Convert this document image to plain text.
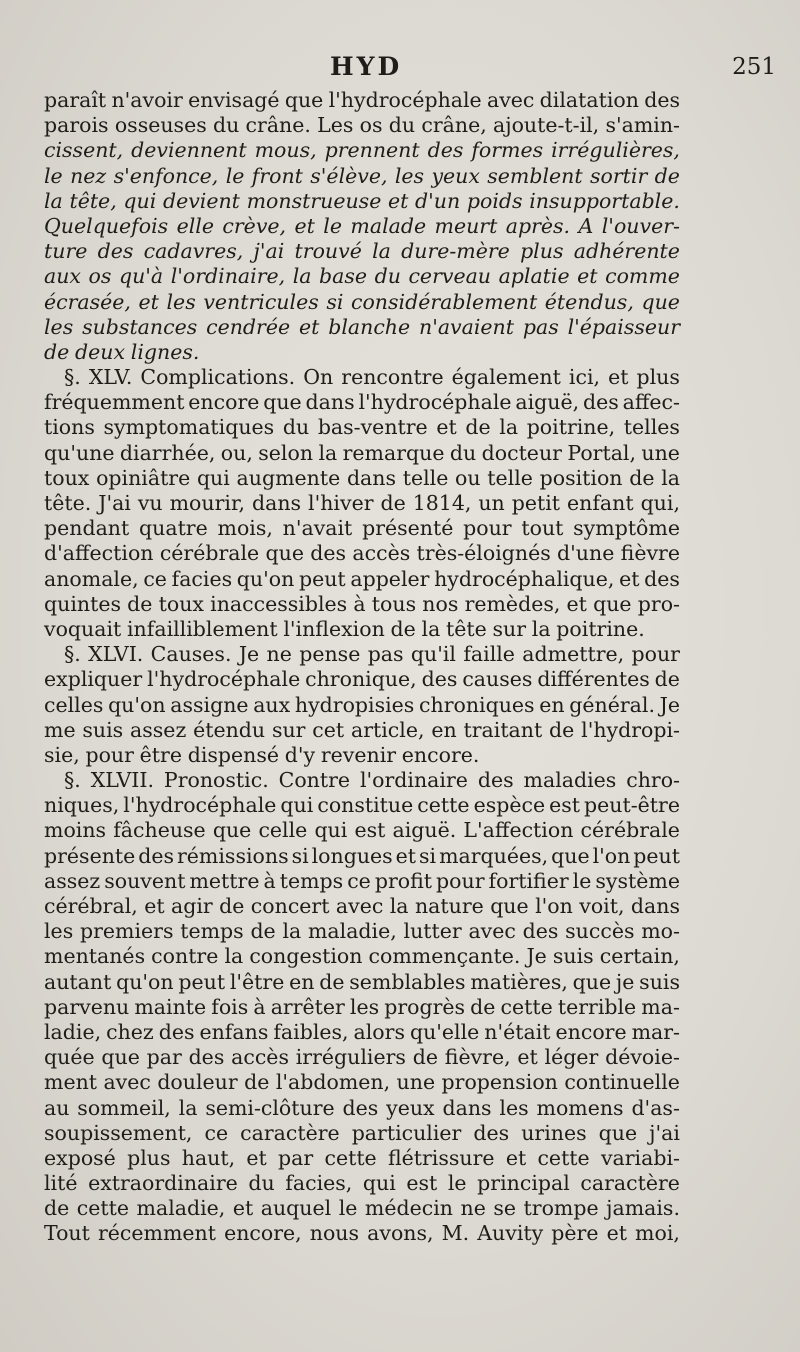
HYD	251
paraît n'avoir envisagé que l'hydrocéphale avec dilatation des
parois osseuses du crâne. Les os du crâne, ajoute-t-il, s'amin-
cissent, deviennent mous, prennent des formes irrégulières,
le nez s'enfonce, le front s'élève, les yeux semblent sortir de
la tête, qui devient monstrueuse et d'un poids insupportable.
Quelquefois elle crève, et le malade meurt après. A l'ouver-
ture des cadavres, j'ai trouvé la dure-mère plus adhérente
aux os qu'à l'ordinaire, la base du cerveau aplatie et comme
écrasée, et les ventricules si considérablement étendus, que
les substances cendrée et blanche n'avaient pas l'épaisseur
de deux lignes.
§. XLV. Complications. On rencontre également ici, et plus
fréquemment encore que dans l'hydrocéphale aiguë, des affec-
tions symptomatiques du bas-ventre et de la poitrine, telles
qu'une diarrhée, ou, selon la remarque du docteur Portal, une
toux opiniâtre qui augmente dans telle ou telle position de la
tête. J'ai vu mourir, dans l'hiver de 1814, un petit enfant qui,
pendant quatre mois, n'avait présenté pour tout symptôme
d'affection cérébrale que des accès très-éloignés d'une fièvre
anomale, ce facies qu'on peut appeler hydrocéphalique, et des
quintes de toux inaccessibles à tous nos remèdes, et que pro-
voquait infailliblement l'inflexion de la tête sur la poitrine.
§. XLVI. Causes. Je ne pense pas qu'il faille admettre, pour
expliquer l'hydrocéphale chronique, des causes différentes de
celles qu'on assigne aux hydropisies chroniques en général. Je
me suis assez étendu sur cet article, en traitant de l'hydropi-
sie, pour être dispensé d'y revenir encore.
§. XLVII. Pronostic. Contre l'ordinaire des maladies chro-
niques, l'hydrocéphale qui constitue cette espèce est peut-être
moins fâcheuse que celle qui est aiguë. L'affection cérébrale
présente des rémissions si longues et si marquées, que l'on peut
assez souvent mettre à temps ce profit pour fortifier le système
cérébral, et agir de concert avec la nature que l'on voit, dans
les premiers temps de la maladie, lutter avec des succès mo-
mentanés contre la congestion commençante. Je suis certain,
autant qu'on peut l'être en de semblables matières, que je suis
parvenu mainte fois à arrêter les progrès de cette terrible ma-
ladie, chez des enfans faibles, alors qu'elle n'était encore mar-
quée que par des accès irréguliers de fièvre, et léger dévoie-
ment avec douleur de l'abdomen, une propension continuelle
au sommeil, la semi-clôture des yeux dans les momens d'as-
soupissement, ce caractère particulier des urines que j'ai
exposé plus haut, et par cette flétrissure et cette variabi-
lité extraordinaire du facies, qui est le principal caractère
de cette maladie, et auquel le médecin ne se trompe jamais.
Tout récemment encore, nous avons, M. Auvity père et moi,
